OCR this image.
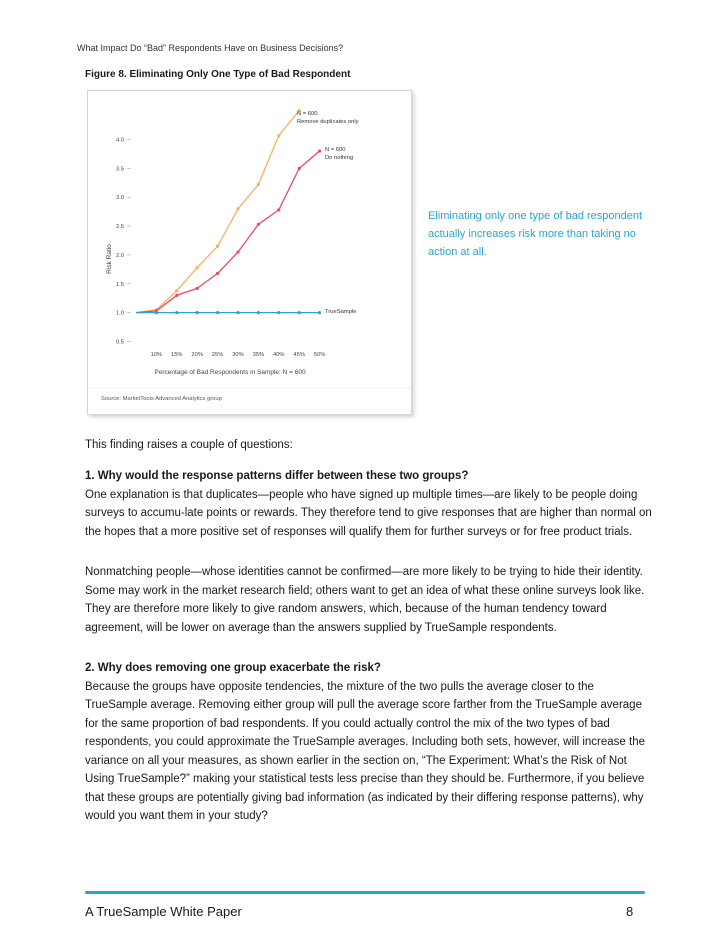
What Impact Do “Bad” Respondents Have on Business Decisions?
Figure 8. Eliminating Only One Type of Bad Respondent
Risk Ratio
Percentage of Bad Respondents in Sample: N = 600
Source: MarketTools Advanced Analytics group
4.0
3.5
3.0
2.5
2.0
1.5
1.0
0.5
10% 15% 20% 25% 30% 35% 40% 45% 50%
N = 600
Remove duplicates only
N = 600
Do nothing
TrueSample
Eliminating only one type of bad respondent actually increases risk more than taking no action at all.

This finding raises a couple of questions:

1. Why would the response patterns differ between these two groups?

One explanation is that duplicates—people who have signed up multiple times—are likely to be people doing surveys to accumu-late points or rewards. They therefore tend to give responses that are higher than normal on the hopes that a more positive set of responses will qualify them for further surveys or for free product trials.

Nonmatching people—whose identities cannot be confirmed—are more likely to be trying to hide their identity. Some may work in the market research field; others want to get an idea of what these online surveys look like. They are therefore more likely to give random answers, which, because of the human tendency toward agreement, will be lower on average than the answers supplied by TrueSample respondents.

2. Why does removing one group exacerbate the risk?

Because the groups have opposite tendencies, the mixture of the two pulls the average closer to the TrueSample average. Removing either group will pull the average score farther from the TrueSample average for the same proportion of bad respondents. If you could actually control the mix of the two types of bad respondents, you could approximate the TrueSample averages. Including both sets, however, will increase the variance on all your measures, as shown earlier in the section on, “The Experiment: What’s the Risk of Not Using TrueSample?” making your statistical tests less precise than they should be. Furthermore, if you believe that these groups are potentially giving bad information (as indicated by their differing response patterns), why would you want them in your study?

A TrueSample White Paper	8
